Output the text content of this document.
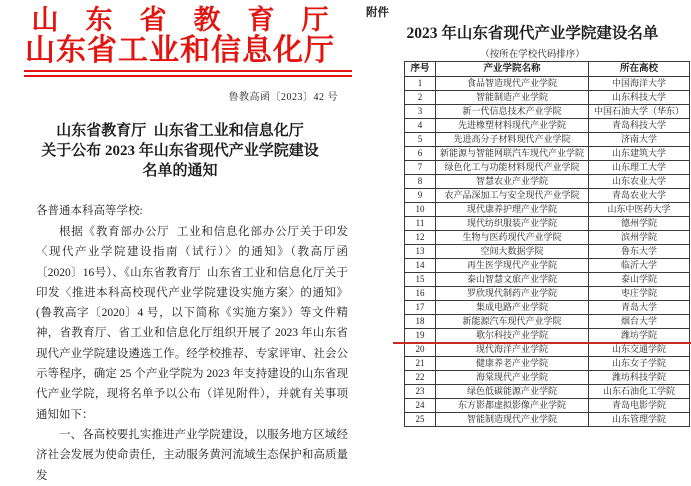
山　东　省　教　育　厅
山东省工业和信息化厅
鲁教高函〔2023〕42 号
山东省教育厅  山东省工业和信息化厅
关于公布 2023 年山东省现代产业学院建设
名单的通知
各普通本科高等学校:

根据《教育部办公厅  工业和信息化部办公厅关于印发〈现代产业学院建设指南（试行）〉的通知》（教高厅函〔2020〕16号）、《山东省教育厅  山东省工业和信息化厅关于印发〈推进本科高校现代产业学院建设实施方案〉的通知》(鲁教高字〔2020〕4 号，以下简称《实施方案》）等文件精神，省教育厅、省工业和信息化厅组织开展了 2023 年山东省现代产业学院建设遴选工作。经学校推荐、专家评审、社会公示等程序，确定 25 个产业学院为 2023 年支持建设的山东省现代产业学院，现将名单予以公布（详见附件），并就有关事项通知如下：

一、各高校要扎实推进产业学院建设，以服务地方区域经济社会发展为使命责任，主动服务黄河流域生态保护和高质量发

附件
2023 年山东省现代产业学院建设名单
（按所在学校代码排序）
序号	产业学院名称	所在高校
1	食品智造现代产业学院	中国海洋大学
2	智能制造产业学院	山东科技大学
3	新一代信息技术产业学院	中国石油大学（华东）
4	先进橡塑材料现代产业学院	青岛科技大学
5	先进高分子材料现代产业学院	济南大学
6	新能源与智能网联汽车现代产业学院	山东建筑大学
7	绿色化工与功能材料现代产业学院	山东理工大学
8	智慧农业产业学院	山东农业大学
9	农产品深加工与安全现代产业学院	青岛农业大学
10	现代康养护理产业学院	山东中医药大学
11	现代纺织服装产业学院	德州学院
12	生物与医药现代产业学院	滨州学院
13	空间大数据学院	鲁东大学
14	再生医学现代产业学院	临沂大学
15	泰山智慧文旅产业学院	泰山学院
16	罗欣现代制药产业学院	枣庄学院
17	集成电路产业学院	青岛大学
18	新能源汽车现代产业学院	烟台大学
19	歌尔科技产业学院	潍坊学院
20	现代海洋产业学院	山东交通学院
21	健康养老产业学院	山东女子学院
22	海棠现代产业学院	潍坊科技学院
23	绿色低碳能源产业学院	山东石油化工学院
24	东方影都虚拟影像产业学院	青岛电影学院
25	智能制造现代产业学院	山东管理学院
